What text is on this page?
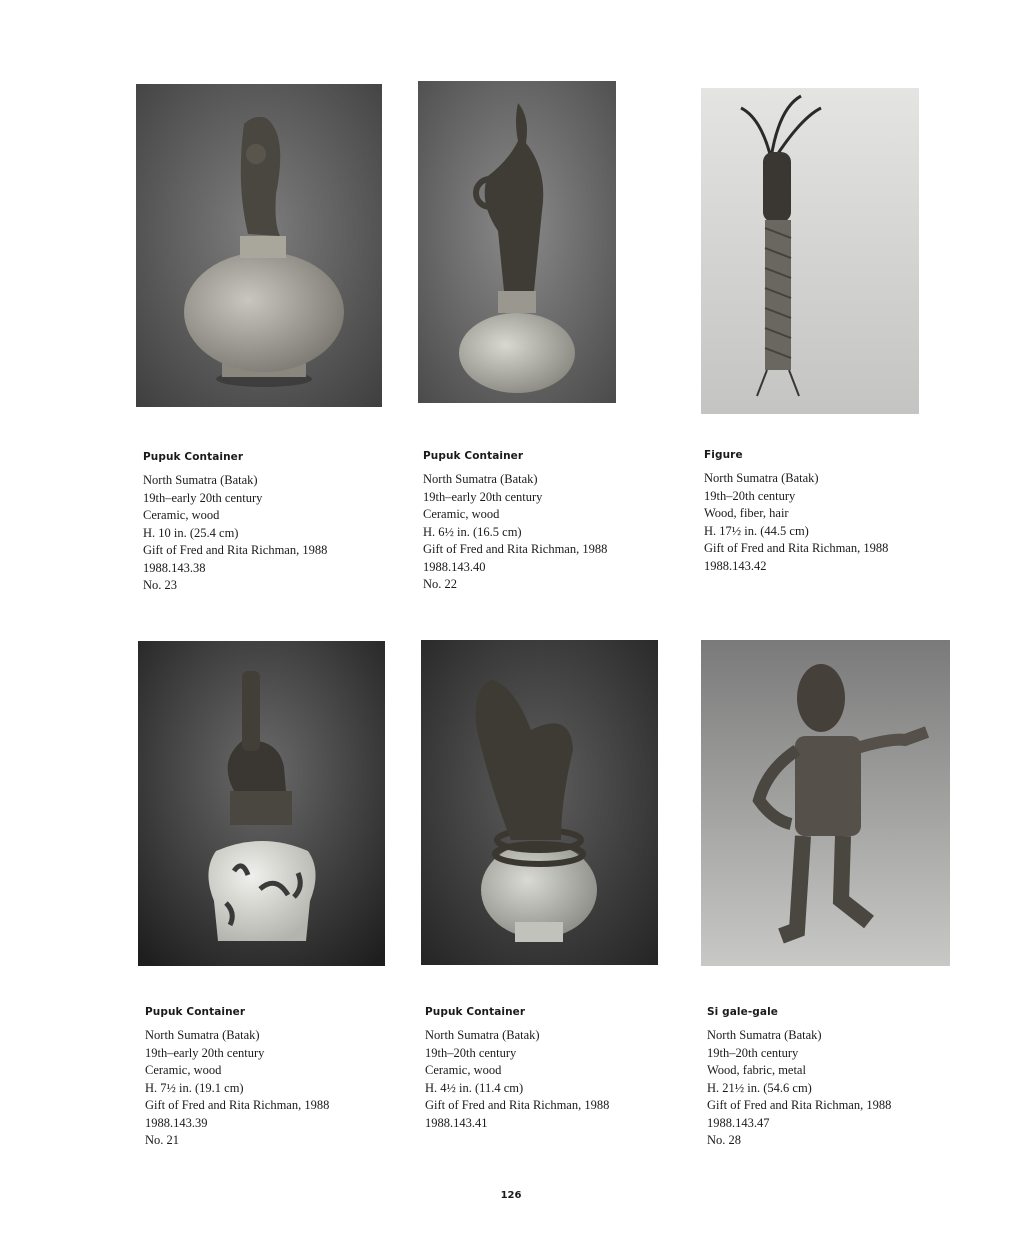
Pupuk Container

North Sumatra (Batak)

19th–early 20th century

Ceramic, wood

H. 10 in. (25.4 cm)

Gift of Fred and Rita Richman, 1988

1988.143.38

No. 23

Pupuk Container

North Sumatra (Batak)

19th–early 20th century

Ceramic, wood

H. 6½ in. (16.5 cm)

Gift of Fred and Rita Richman, 1988

1988.143.40

No. 22

Figure

North Sumatra (Batak)

19th–20th century

Wood, fiber, hair

H. 17½ in. (44.5 cm)

Gift of Fred and Rita Richman, 1988

1988.143.42

Pupuk Container

North Sumatra (Batak)

19th–early 20th century

Ceramic, wood

H. 7½ in. (19.1 cm)

Gift of Fred and Rita Richman, 1988

1988.143.39

No. 21

Pupuk Container

North Sumatra (Batak)

19th–20th century

Ceramic, wood

H. 4½ in. (11.4 cm)

Gift of Fred and Rita Richman, 1988

1988.143.41

Si gale-gale

North Sumatra (Batak)

19th–20th century

Wood, fabric, metal

H. 21½ in. (54.6 cm)

Gift of Fred and Rita Richman, 1988

1988.143.47

No. 28

126
